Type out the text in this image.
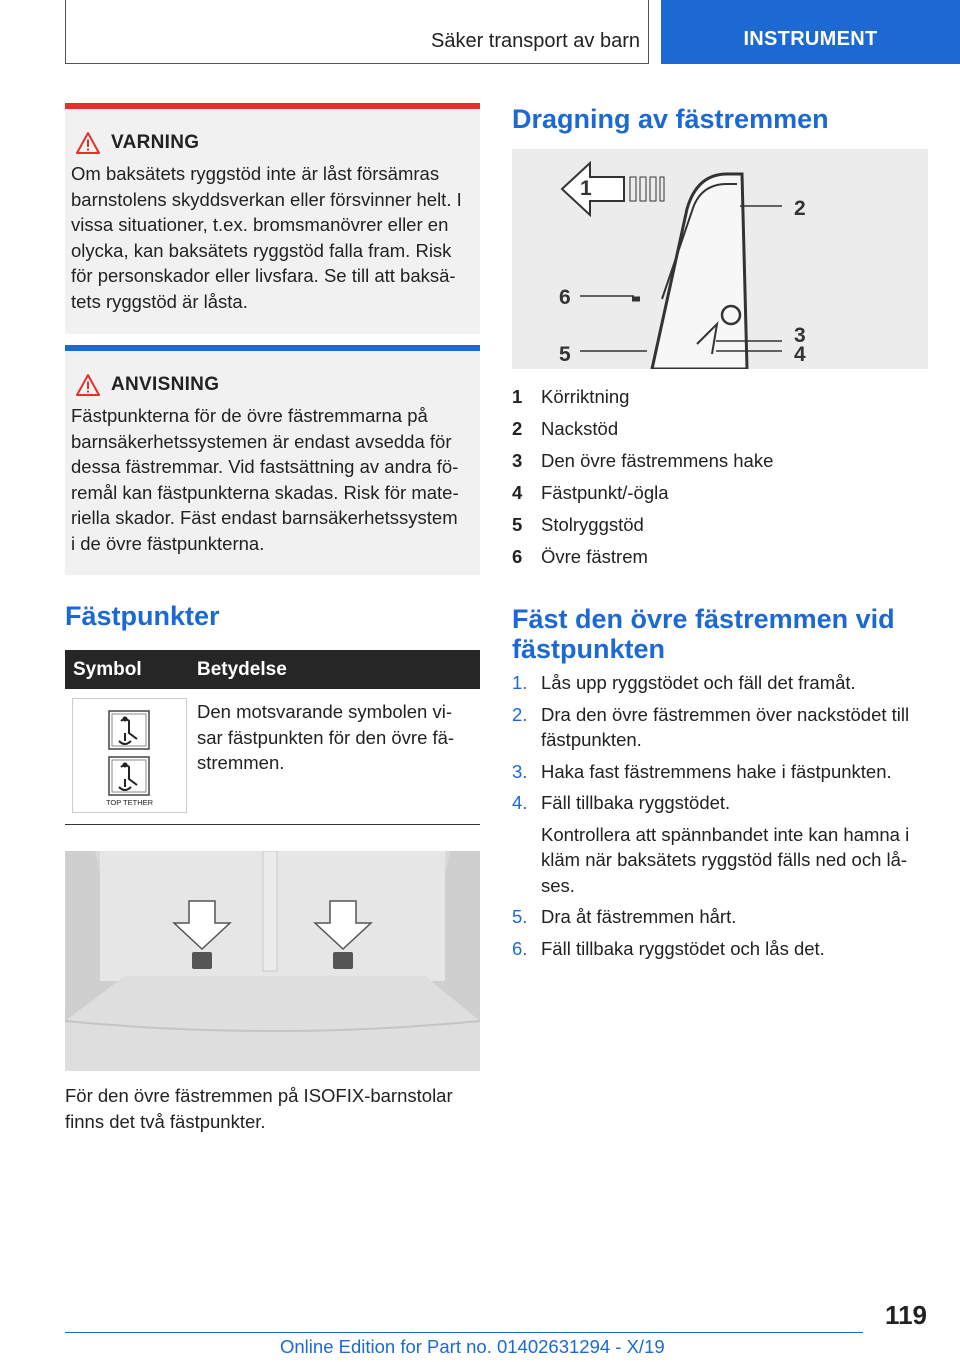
Säker transport av barn	INSTRUMENT
VARNING
Om baksätets ryggstöd inte är låst försämras
barnstolens skyddsverkan eller försvinner helt. I
vissa situationer, t.ex. bromsmanövrer eller en
olycka, kan baksätets ryggstöd falla fram. Risk
för personskador eller livsfara. Se till att baksä-
tets ryggstöd är låsta.
ANVISNING
Fästpunkterna för de övre fästremmarna på
barnsäkerhetssystemen är endast avsedda för
dessa fästremmar. Vid fastsättning av andra fö-
remål kan fästpunkterna skadas. Risk för mate-
riella skador. Fäst endast barnsäkerhetssystem
i de övre fästpunkterna.
Fästpunkter
Symbol	Betydelse
TOP TETHER
Den motsvarande symbolen vi-
sar fästpunkten för den övre fä-
stremmen.
För den övre fästremmen på ISOFIX-barnstolar
finns det två fästpunkter.
Dragning av fästremmen
1
2
3
4
5
6
1	Körriktning
2	Nackstöd
3	Den övre fästremmens hake
4	Fästpunkt/-ögla
5	Stolryggstöd
6	Övre fästrem
Fäst den övre fästremmen vid
fästpunkten
1. Lås upp ryggstödet och fäll det framåt.
2. Dra den övre fästremmen över nackstödet till
fästpunkten.
3. Haka fast fästremmens hake i fästpunkten.
4. Fäll tillbaka ryggstödet.
Kontrollera att spännbandet inte kan hamna i
kläm när baksätets ryggstöd fälls ned och lå-
ses.
5. Dra åt fästremmen hårt.
6. Fäll tillbaka ryggstödet och lås det.
119
Online Edition for Part no. 01402631294 - X/19
